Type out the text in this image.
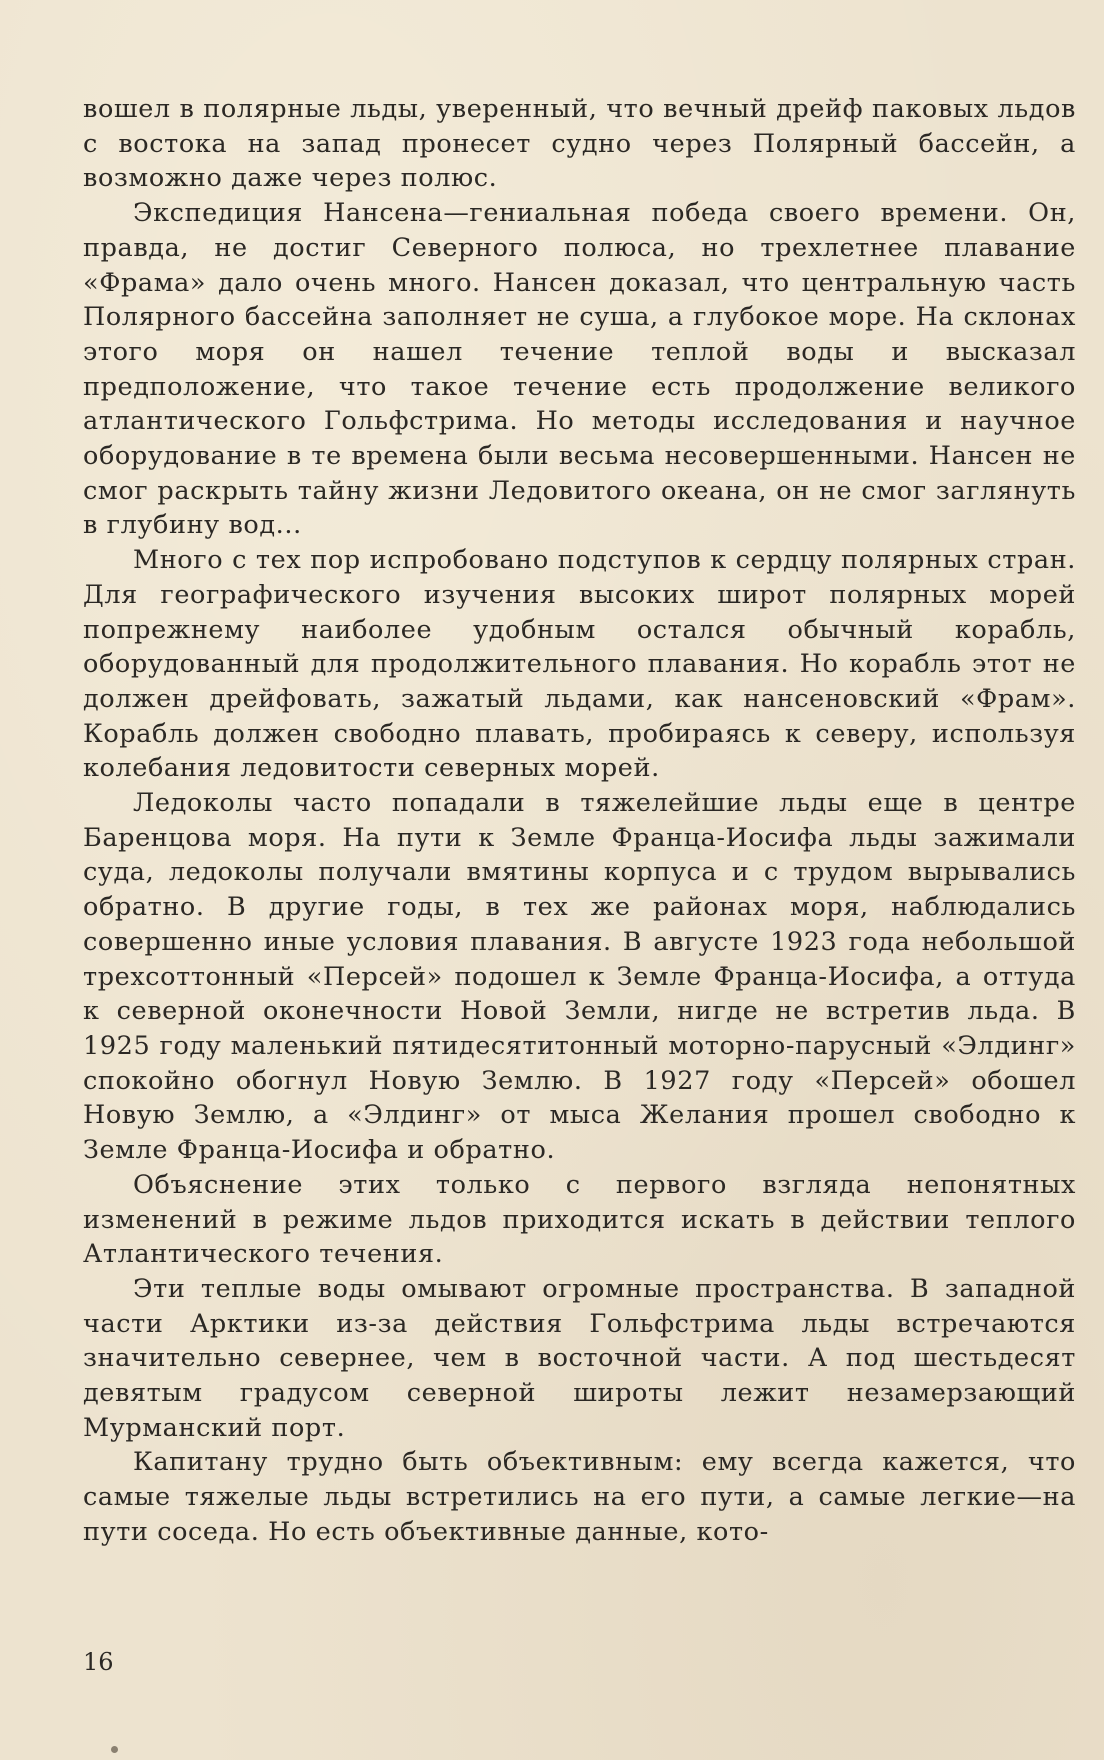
вошел в полярные льды, уверенный, что вечный дрейф паковых льдов с востока на запад пронесет судно через Полярный бассейн, а возможно даже через полюс.

Экспедиция Нансена—гениальная победа своего времени. Он, правда, не достиг Северного полюса, но трехлетнее плавание «Фрама» дало очень много. Нансен доказал, что центральную часть Полярного бассейна заполняет не суша, а глубокое море. На склонах этого моря он нашел течение теплой воды и высказал предположение, что такое течение есть продолжение великого атлантического Гольфстрима. Но методы исследования и научное оборудование в те времена были весьма несовершенными. Нансен не смог раскрыть тайну жизни Ледовитого океана, он не смог заглянуть в глубину вод...

Много с тех пор испробовано подступов к сердцу полярных стран. Для географического изучения высоких широт полярных морей попрежнему наиболее удобным остался обычный корабль, оборудованный для продолжительного плавания. Но корабль этот не должен дрейфовать, зажатый льдами, как нансеновский «Фрам». Корабль должен свободно плавать, пробираясь к северу, используя колебания ледовитости северных морей.

Ледоколы часто попадали в тяжелейшие льды еще в центре Баренцова моря. На пути к Земле Франца-Иосифа льды зажимали суда, ледоколы получали вмятины корпуса и с трудом вырывались обратно. В другие годы, в тех же районах моря, наблюдались совершенно иные условия плавания. В августе 1923 года небольшой трехсоттонный «Персей» подошел к Земле Франца-Иосифа, а оттуда к северной оконечности Новой Земли, нигде не встретив льда. В 1925 году маленький пятидесятитонный моторно-парусный «Элдинг» спокойно обогнул Новую Землю. В 1927 году «Персей» обошел Новую Землю, а «Элдинг» от мыса Желания прошел свободно к Земле Франца-Иосифа и обратно.

Объяснение этих только с первого взгляда непонятных изменений в режиме льдов приходится искать в действии теплого Атлантического течения.

Эти теплые воды омывают огромные пространства. В западной части Арктики из-за действия Гольфстрима льды встречаются значительно севернее, чем в восточной части. А под шестьдесят девятым градусом северной широты лежит незамерзающий Мурманский порт.

Капитану трудно быть объективным: ему всегда кажется, что самые тяжелые льды встретились на его пути, а самые легкие—на пути соседа. Но есть объективные данные, кото-

16
